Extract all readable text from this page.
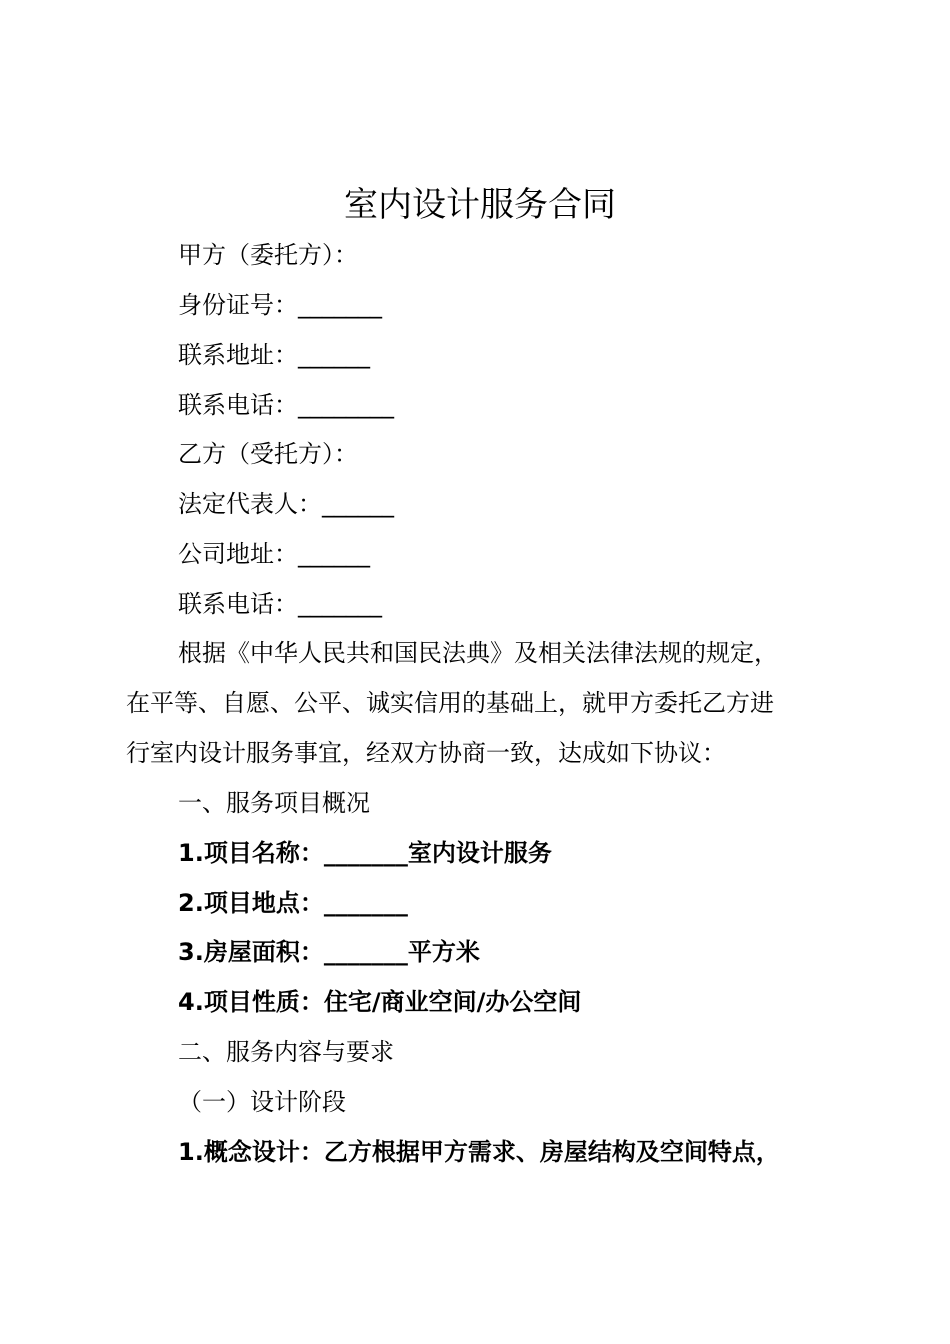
室内设计服务合同
甲方（委托方）：
身份证号：_______
联系地址：______
联系电话：________
乙方（受托方）：
法定代表人：______
公司地址：______
联系电话：_______
根据《中华人民共和国民法典》及相关法律法规的规定，
在平等、自愿、公平、诚实信用的基础上，就甲方委托乙方进
行室内设计服务事宜，经双方协商一致，达成如下协议：
一、服务项目概况
1.项目名称：_______室内设计服务
2.项目地点：_______
3.房屋面积：_______平方米
4.项目性质：住宅/商业空间/办公空间
二、服务内容与要求
（一）设计阶段
1.概念设计：乙方根据甲方需求、房屋结构及空间特点，
